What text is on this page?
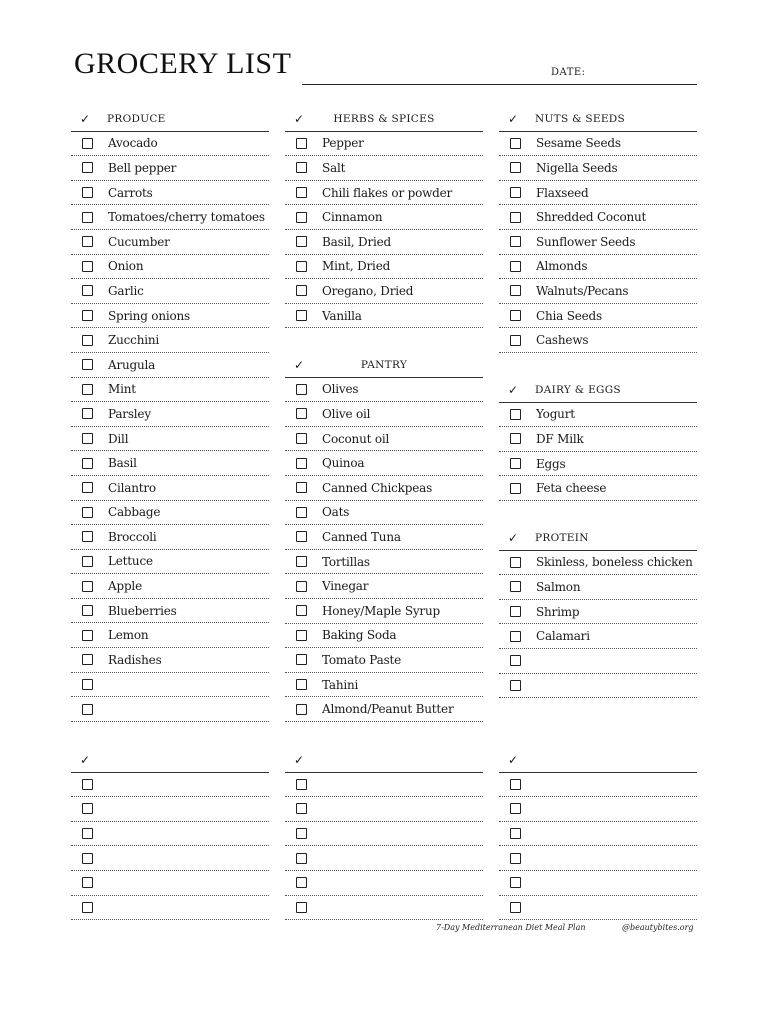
GROCERY LIST	DATE:
✓	PRODUCE
Avocado
Bell pepper
Carrots
Tomatoes/cherry tomatoes
Cucumber
Onion
Garlic
Spring onions
Zucchini
Arugula
Mint
Parsley
Dill
Basil
Cilantro
Cabbage
Broccoli
Lettuce
Apple
Blueberries
Lemon
Radishes
✓	HERBS & SPICES
Pepper
Salt
Chili flakes or powder
Cinnamon
Basil, Dried
Mint, Dried
Oregano, Dried
Vanilla
✓	PANTRY
Olives
Olive oil
Coconut oil
Quinoa
Canned Chickpeas
Oats
Canned Tuna
Tortillas
Vinegar
Honey/Maple Syrup
Baking Soda
Tomato Paste
Tahini
Almond/Peanut Butter
✓	NUTS & SEEDS
Sesame Seeds
Nigella Seeds
Flaxseed
Shredded Coconut
Sunflower Seeds
Almonds
Walnuts/Pecans
Chia Seeds
Cashews
✓	DAIRY & EGGS
Yogurt
DF Milk
Eggs
Feta cheese
✓	PROTEIN
Skinless, boneless chicken
Salmon
Shrimp
Calamari
✓	✓	✓
7-Day Mediterranean Diet Meal Plan	@beautybites.org
